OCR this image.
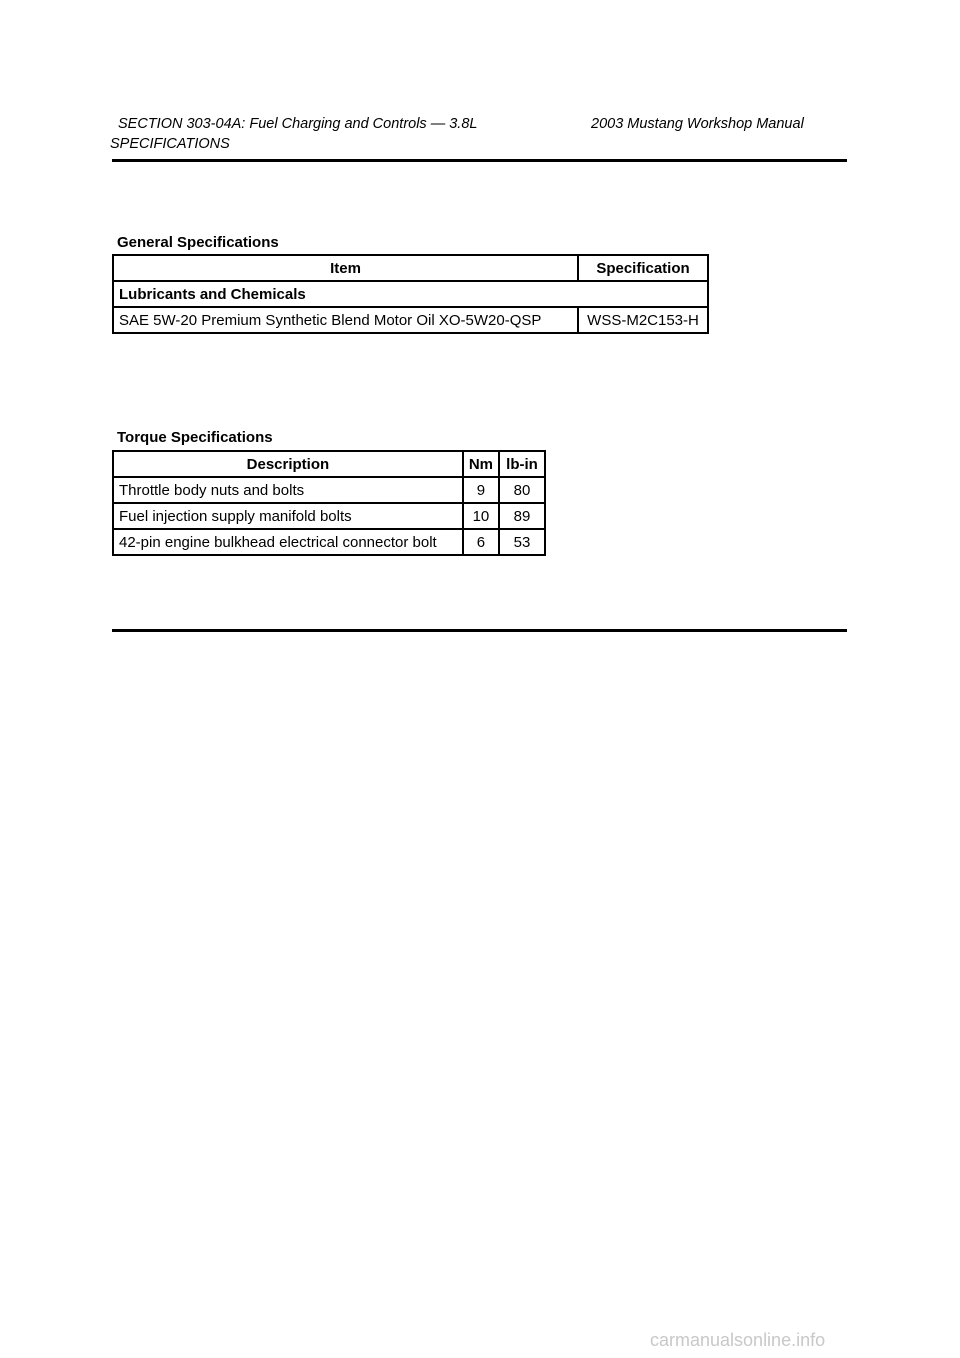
SECTION 303-04A: Fuel Charging and Controls — 3.8L	2003 Mustang Workshop Manual
SPECIFICATIONS
General Specifications
Item	Specification
Lubricants and Chemicals	
SAE 5W-20 Premium Synthetic Blend Motor Oil XO-5W20-QSP	WSS-M2C153-H
Torque Specifications
Description	Nm	lb-in
Throttle body nuts and bolts	9	80
Fuel injection supply manifold bolts	10	89
42-pin engine bulkhead electrical connector bolt	6	53
carmanualsonline.info
